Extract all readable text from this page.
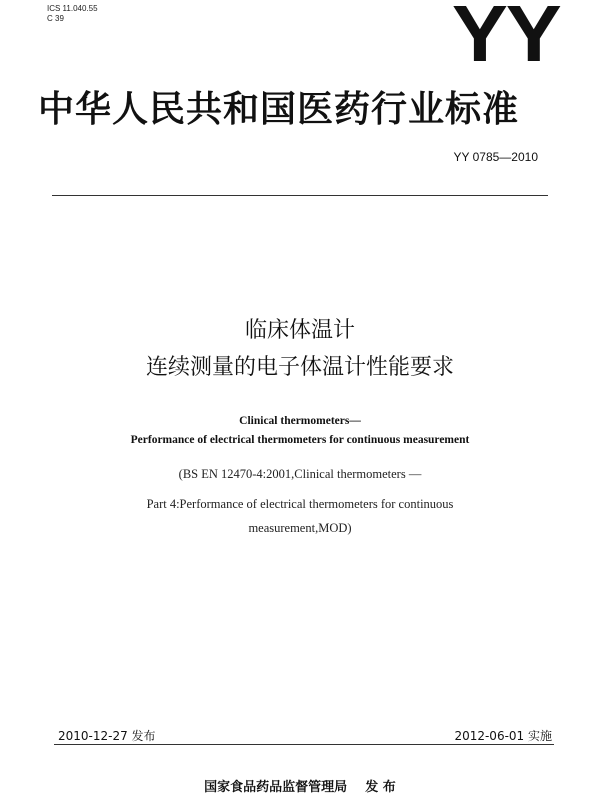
ICS 11.040.55
C 39	YY
中华人民共和国医药行业标准
YY 0785—2010
临床体温计
连续测量的电子体温计性能要求
Clinical thermometers—
Performance of electrical thermometers for continuous measurement
(BS EN 12470-4:2001,Clinical thermometers —
Part 4:Performance of electrical thermometers for continuous
measurement,MOD)
2010-12-27 发布	2012-06-01 实施
国家食品药品监督管理局    发 布
